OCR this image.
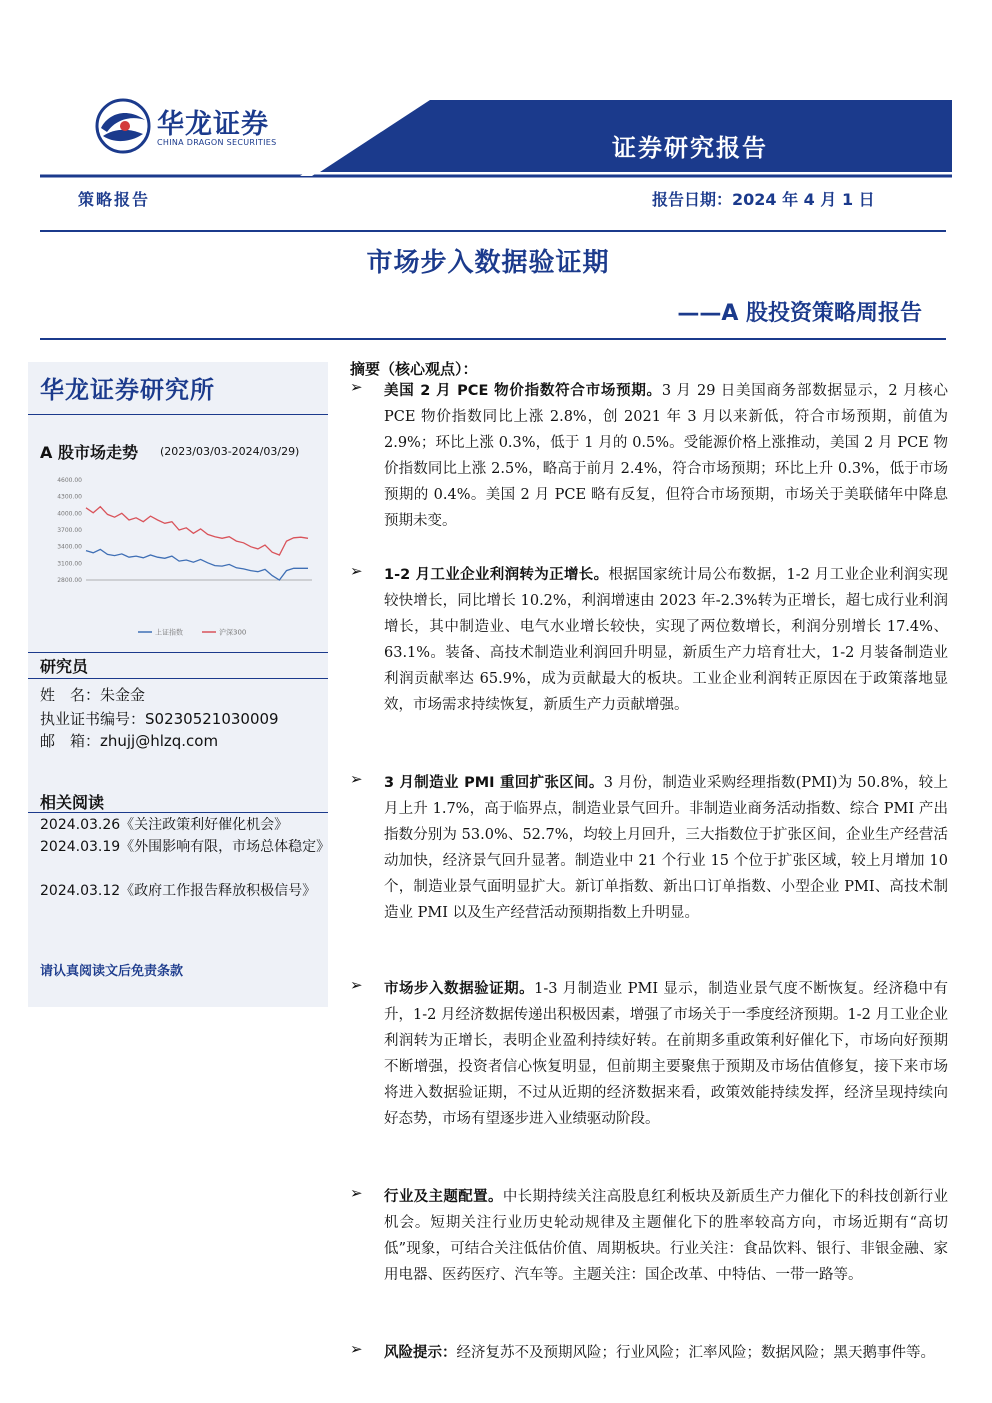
华龙证券
CHINA DRAGON SECURITIES	证券研究报告
策略报告	报告日期：2024 年 4 月 1 日
市场步入数据验证期
——A 股投资策略周报告
华龙证券研究所
A 股市场走势 (2023/03/03-2024/03/29)
4600.00
4300.00
4000.00
3700.00
3400.00
3100.00
2800.00
上证指数	沪深300
研究员
姓　名：朱金金
执业证书编号：S0230521030009
邮　箱：zhujj@hlzq.com
相关阅读
2024.03.26《关注政策利好催化机会》
2024.03.19《外围影响有限，市场总体稳定》
2024.03.12《政府工作报告释放积极信号》
请认真阅读文后免责条款
摘要（核心观点）：
➢ 美国 2 月 PCE 物价指数符合市场预期。3 月 29 日美国商务部数据显示，2 月核心 PCE 物价指数同比上涨 2.8%，创 2021 年 3 月以来新低，符合市场预期，前值为 2.9%；环比上涨 0.3%，低于 1 月的 0.5%。受能源价格上涨推动，美国 2 月 PCE 物价指数同比上涨 2.5%，略高于前月 2.4%，符合市场预期；环比上升 0.3%，低于市场预期的 0.4%。美国 2 月 PCE 略有反复，但符合市场预期，市场关于美联储年中降息预期未变。
➢ 1-2 月工业企业利润转为正增长。根据国家统计局公布数据，1-2 月工业企业利润实现较快增长，同比增长 10.2%，利润增速由 2023 年-2.3%转为正增长，超七成行业利润增长，其中制造业、电气水业增长较快，实现了两位数增长，利润分别增长 17.4%、63.1%。装备、高技术制造业利润回升明显，新质生产力培育壮大，1-2 月装备制造业利润贡献率达 65.9%，成为贡献最大的板块。工业企业利润转正原因在于政策落地显效，市场需求持续恢复，新质生产力贡献增强。
➢ 3 月制造业 PMI 重回扩张区间。3 月份，制造业采购经理指数(PMI)为 50.8%，较上月上升 1.7%，高于临界点，制造业景气回升。非制造业商务活动指数、综合 PMI 产出指数分别为 53.0%、52.7%，均较上月回升，三大指数位于扩张区间，企业生产经营活动加快，经济景气回升显著。制造业中 21 个行业 15 个位于扩张区域，较上月增加 10 个，制造业景气面明显扩大。新订单指数、新出口订单指数、小型企业 PMI、高技术制造业 PMI 以及生产经营活动预期指数上升明显。
➢ 市场步入数据验证期。1-3 月制造业 PMI 显示，制造业景气度不断恢复。经济稳中有升，1-2 月经济数据传递出积极因素，增强了市场关于一季度经济预期。1-2 月工业企业利润转为正增长，表明企业盈利持续好转。在前期多重政策利好催化下，市场向好预期不断增强，投资者信心恢复明显，但前期主要聚焦于预期及市场估值修复，接下来市场将进入数据验证期，不过从近期的经济数据来看，政策效能持续发挥，经济呈现持续向好态势，市场有望逐步进入业绩驱动阶段。
➢ 行业及主题配置。中长期持续关注高股息红利板块及新质生产力催化下的科技创新行业机会。短期关注行业历史轮动规律及主题催化下的胜率较高方向，市场近期有“高切低”现象，可结合关注低估价值、周期板块。行业关注：食品饮料、银行、非银金融、家用电器、医药医疗、汽车等。主题关注：国企改革、中特估、一带一路等。
➢ 风险提示：经济复苏不及预期风险；行业风险；汇率风险；数据风险；黑天鹅事件等。
